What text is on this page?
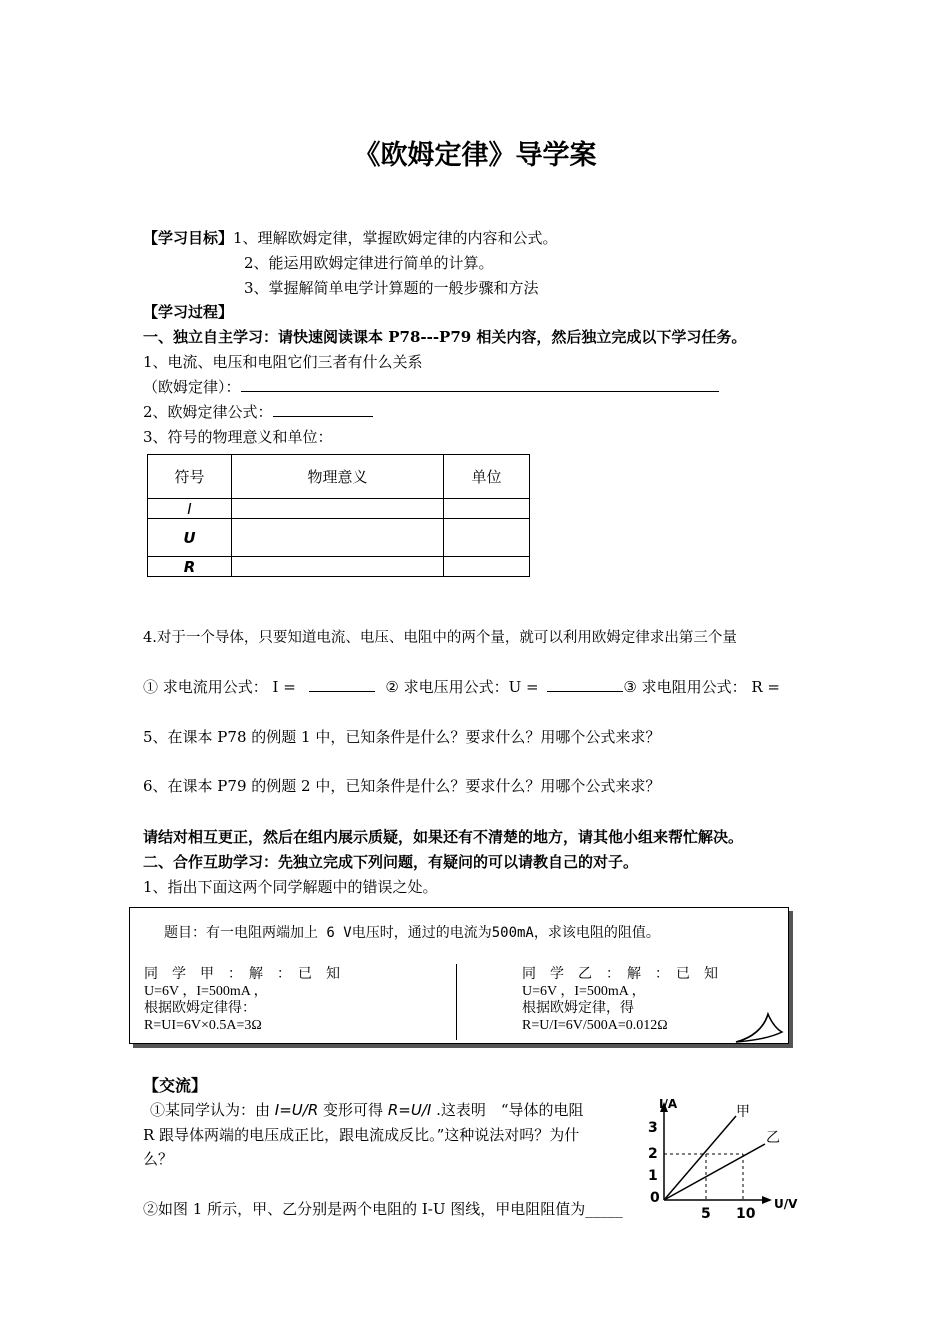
《欧姆定律》导学案
【学习目标】1、理解欧姆定律，掌握欧姆定律的内容和公式。
2、能运用欧姆定律进行简单的计算。
3、掌握解简单电学计算题的一般步骤和方法
【学习过程】
一、独立自主学习：请快速阅读课本 P78---P79 相关内容，然后独立完成以下学习任务。
1、电流、电压和电阻它们三者有什么关系
（欧姆定律）：
2、欧姆定律公式：
3、符号的物理意义和单位：
符号	物理意义	单位
I		
U		
R		
4.对于一个导体，只要知道电流、电压、电阻中的两个量，就可以利用欧姆定律求出第三个量
① 求电流用公式： I =	② 求电压用公式：U =	③ 求电阻用公式： R =
5、在课本 P78 的例题 1 中，已知条件是什么？要求什么？用哪个公式来求？
6、在课本 P79 的例题 2 中，已知条件是什么？要求什么？用哪个公式来求？
请结对相互更正，然后在组内展示质疑，如果还有不清楚的地方，请其他小组来帮忙解决。
二、合作互助学习：先独立完成下列问题，有疑问的可以请教自己的对子。
1、指出下面这两个同学解题中的错误之处。
题目：有一电阻两端加上 6 V电压时，通过的电流为500mA，求该电阻的阻值。
同　学　甲　：　解　：　已　知
U=6V ，I=500mA ，
根据欧姆定律得：
R=UI=6V×0.5A=3Ω
同　学　乙　：　解　：　已　知
U=6V ，I=500mA ，
根据欧姆定律，得
R=U/I=6V/500A=0.012Ω
【交流】
①某同学认为：由 I=U/R 变形可得 R=U/I .这表明　“导体的电阻
R 跟导体两端的电压成正比，跟电流成反比。”这种说法对吗？为什
么？
②如图 1 所示，甲、乙分别是两个电阻的 I-U 图线，甲电阻阻值为_____
I/A
U/V
3
2
1
0
5 10
甲
乙
